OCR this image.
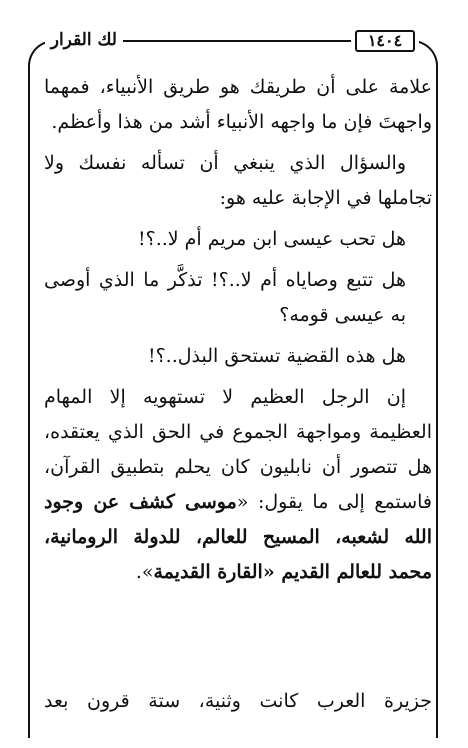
لك القرار	١٤٠٤

علامة على أن طريقك هو طريق الأنبياء، فمهما واجهتَ فإن ما واجهه الأنبياء أشد من هذا وأعظم.

والسؤال الذي ينبغي أن تسأله نفسك ولا تجاملها في الإجابة عليه هو:

هل تحب عيسى ابن مريم أم لا..؟!

هل تتبع وصاياه أم لا..؟! تذكَّر ما الذي أوصى به عيسى قومه؟

هل هذه القضية تستحق البذل..؟!

إن الرجل العظيم لا تستهويه إلا المهام العظيمة ومواجهة الجموع في الحق الذي يعتقده، هل تتصور أن نابليون كان يحلم بتطبيق القرآن، فاستمع إلى ما يقول: «موسى كشف عن وجود الله لشعبه، المسيح للعالم، للدولة الرومانية، محمد للعالم القديم «القارة القديمة».

جزيرة العرب كانت وثنية، ستة قرون بعد
